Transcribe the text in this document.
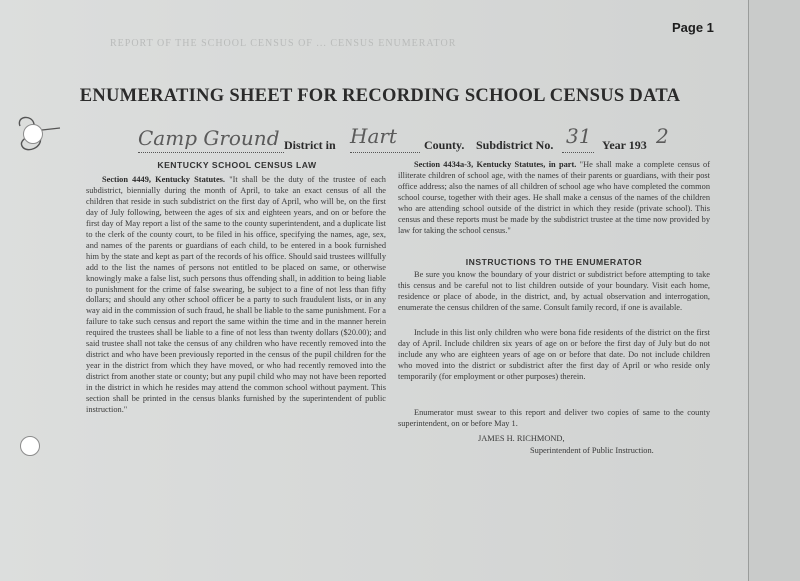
REPORT OF THE SCHOOL CENSUS OF ... CENSUS ENUMERATOR
ENUMERATING SHEET FOR RECORDING SCHOOL CENSUS DATA
Camp Ground District in Hart County. Subdistrict No. 31 Year 193 2
KENTUCKY SCHOOL CENSUS LAW

Section 4449, Kentucky Statutes. "It shall be the duty of the trustee of each subdistrict, biennially during the month of April, to take an exact census of all the children that reside in such subdistrict on the first day of April, who will be, on the first day of July following, between the ages of six and eighteen years, and on or before the first day of May report a list of the same to the county superintendent, and a duplicate list to the clerk of the county court, to be filed in his office, specifying the names, age, sex, and names of the parents or guardians of each child, to be entered in a book furnished him by the state and kept as part of the records of his office. Should said trustees willfully add to the list the names of persons not entitled to be placed on same, or otherwise knowingly make a false list, such persons thus offending shall, in addition to being liable to punishment for the crime of false swearing, be subject to a fine of not less than fifty dollars; and should any other school officer be a party to such fraudulent lists, or in any way aid in the commission of such fraud, he shall be liable to the same punishment. For a failure to take such census and report the same within the time and in the manner herein required the trustees shall be liable to a fine of not less than twenty dollars ($20.00); and said trustee shall not take the census of any children who have recently removed into the district and who have been previously reported in the census of the pupil children for the year in the district from which they have moved, or who had recently removed into the district from another state or county; but any pupil child who may not have been reported in the district in which he resides may attend the common school without payment. This section shall be printed in the census blanks furnished by the superintendent of public instruction."

Section 4434a-3, Kentucky Statutes, in part. "He shall make a complete census of illiterate children of school age, with the names of their parents or guardians, with their post office address; also the names of all children of school age who have completed the common school course, together with their ages. He shall make a census of the names of the children who are attending school outside of the district in which they reside (private school). This census and these reports must be made by the subdistrict trustee at the time now provided by law for taking the school census."

INSTRUCTIONS TO THE ENUMERATOR

Be sure you know the boundary of your district or subdistrict before attempting to take this census and be careful not to list children outside of your boundary. Visit each home, residence or place of abode, in the district, and, by actual observation and interrogation, enumerate the census children of the same. Consult family record, if one is available.

Include in this list only children who were bona fide residents of the district on the first day of April. Include children six years of age on or before the first day of July but do not include any who are eighteen years of age on or before that date. Do not include children who moved into the district or subdistrict after the first day of April or who reside only temporarily (for employment or other purposes) therein.

Enumerator must swear to this report and deliver two copies of same to the county superintendent, on or before May 1.

JAMES H. RICHMOND,
Superintendent of Public Instruction.
Page 1
